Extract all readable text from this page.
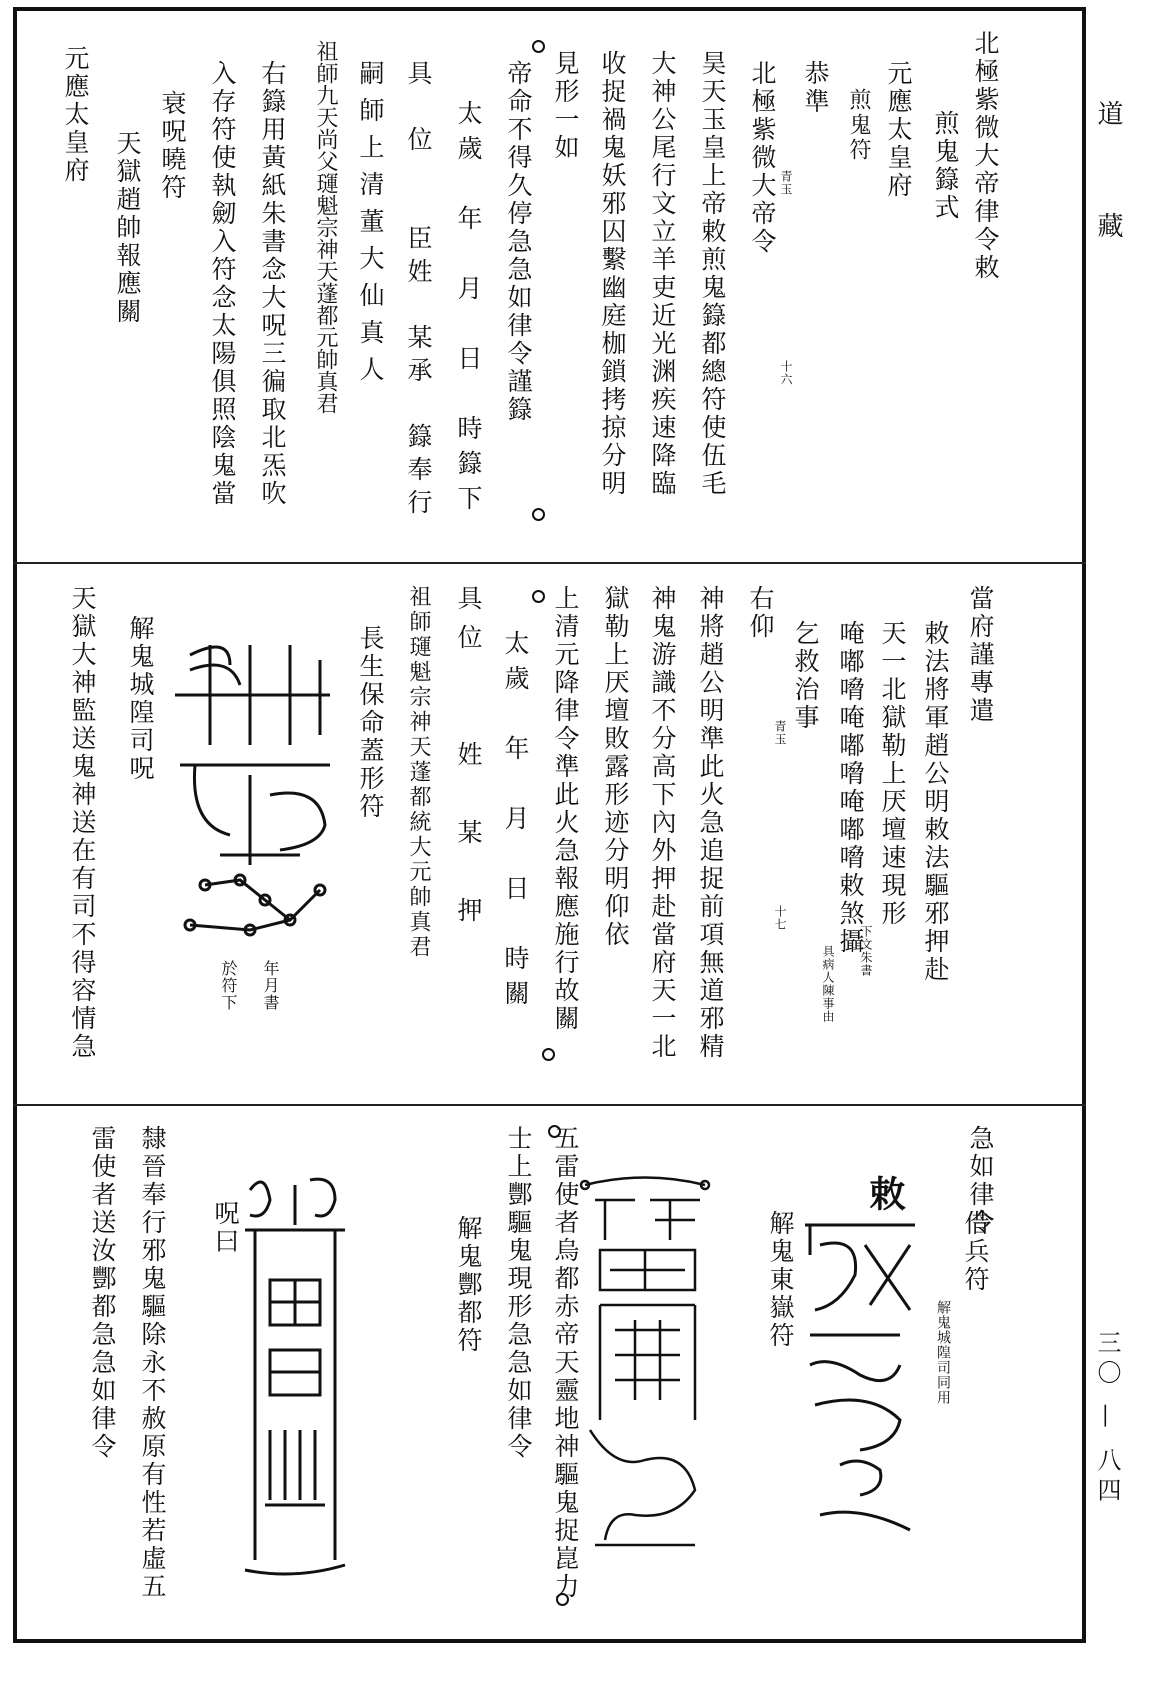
道　藏
三〇 — 八四
北極紫微大帝律令敕
煎鬼籙式
元應太皇府
煎鬼符
恭準
北極紫微大帝令
昊天玉皇上帝敕煎鬼籙都總符使伍毛
大神公尾行文立羊吏近光渊疾速降臨
收捉禍鬼妖邪囚繫幽庭枷鎖拷掠分明
見形一如
帝命不得久停急急如律令謹籙
太歲　年　月　日　時籙下
具　位　　臣姓　某承　籙奉行
嗣師上清董大仙真人
祖師九天尚父璭魁宗神天蓬都元帥真君
右籙用黃紙朱書念大呪三徧取北炁吹
入存符使執劒入符念太陽俱照陰鬼當
衰呪曉符
天獄趙帥報應關
元應太皇府	青玉
十六
當府謹專遣
敕法將軍趙公明敕法驅邪押赴
天一北獄勒上厌壇速現形
下文朱書
唵嘟嗋唵嘟嗋唵嘟嗋敕煞攝
具病人陳事由
乞救治事
右仰
神將趙公明準此火急追捉前項無道邪精
神鬼游識不分高下內外押赴當府天一北
獄勒上厌壇敗露形迹分明仰依
上清元降律令準此火急報應施行故關
太歲　年　月　日　時關
具位　　姓　某　押
祖師璭魁宗神天蓬都統大元帥真君
長生保命蓋形符
年月書
於符下
解鬼城隍司呪
天獄大神監送鬼神送在有司不得容情急	青玉
十七
急如律令
敕
借兵符
解鬼城隍司同用
解鬼東嶽符
五雷使者烏都赤帝天靈地神驅鬼捉崑力
士上酆驅鬼現形急急如律令
解鬼酆都符
呪曰
隸晉奉行邪鬼驅除永不赦原有性若虛五
雷使者送汝酆都急急如律令
